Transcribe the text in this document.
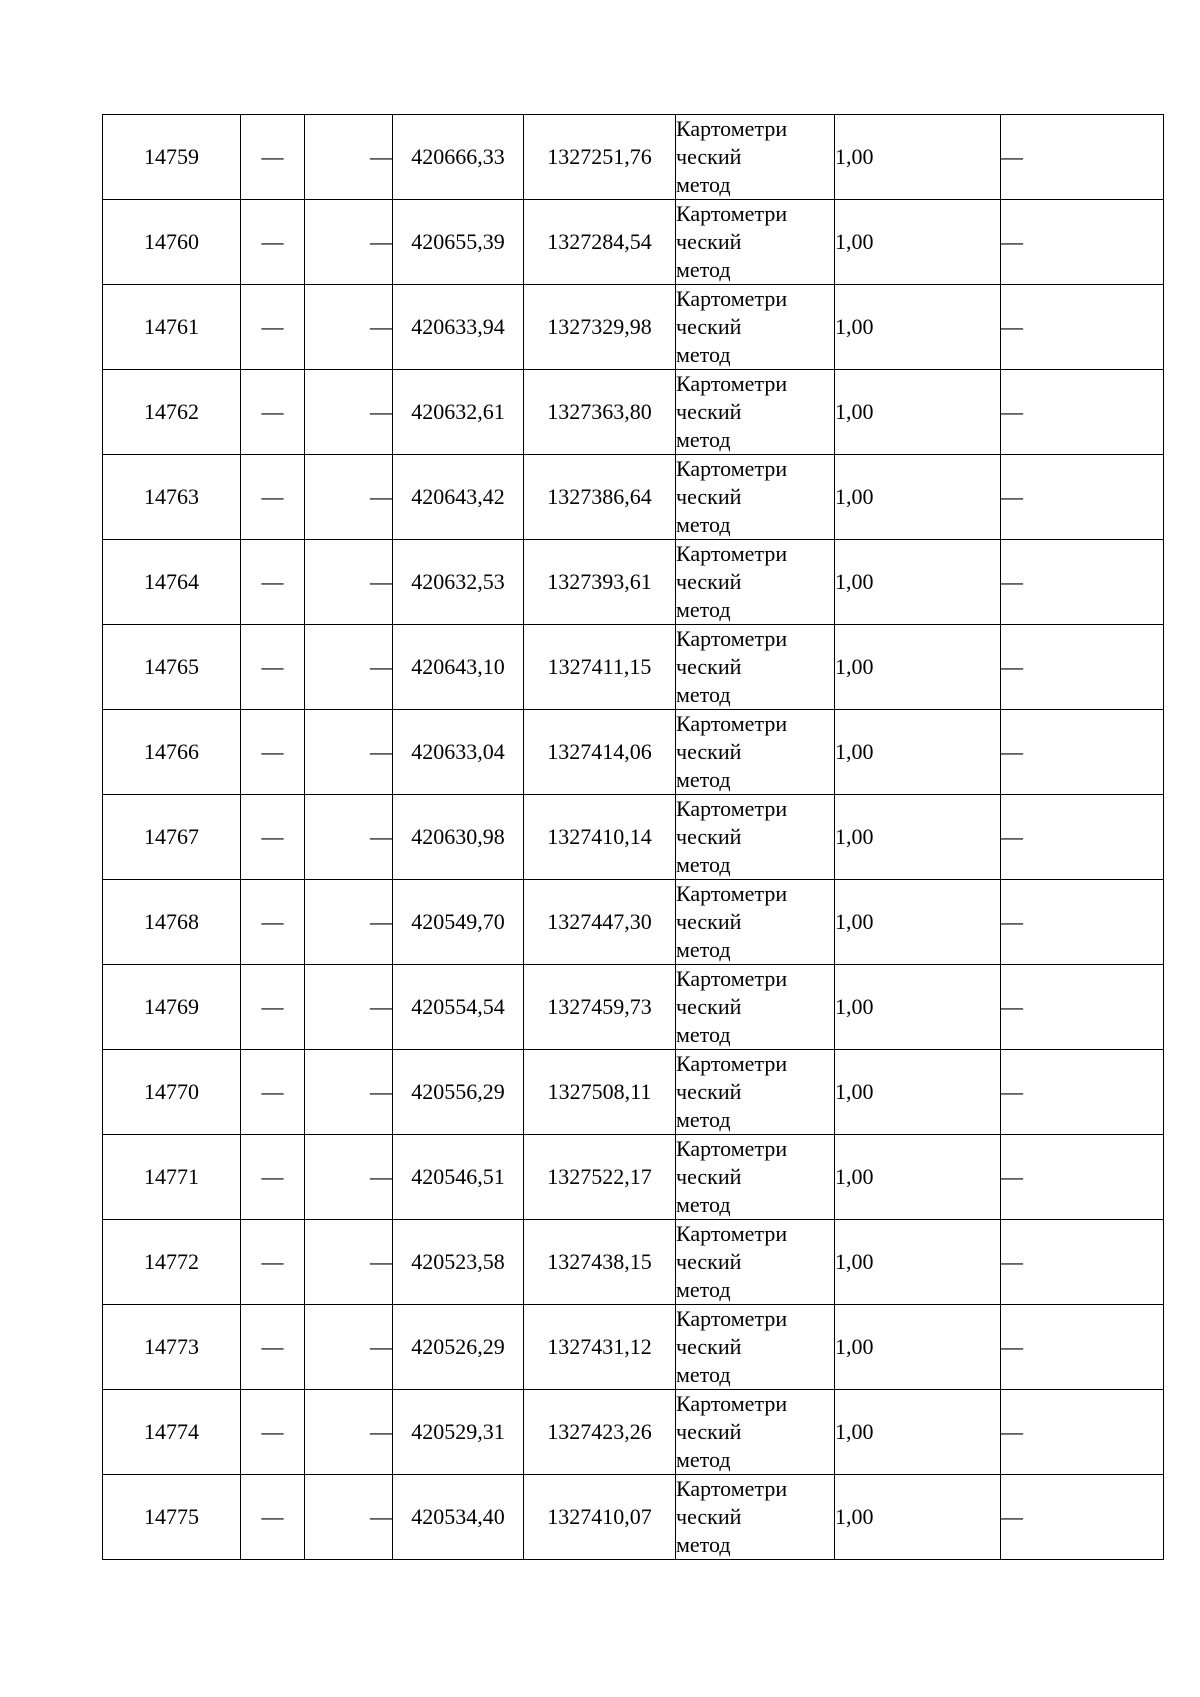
14759	—	—	420666,33	1327251,76	Картометри
ческий
метод	1,00	—
14760	—	—	420655,39	1327284,54	Картометри
ческий
метод	1,00	—
14761	—	—	420633,94	1327329,98	Картометри
ческий
метод	1,00	—
14762	—	—	420632,61	1327363,80	Картометри
ческий
метод	1,00	—
14763	—	—	420643,42	1327386,64	Картометри
ческий
метод	1,00	—
14764	—	—	420632,53	1327393,61	Картометри
ческий
метод	1,00	—
14765	—	—	420643,10	1327411,15	Картометри
ческий
метод	1,00	—
14766	—	—	420633,04	1327414,06	Картометри
ческий
метод	1,00	—
14767	—	—	420630,98	1327410,14	Картометри
ческий
метод	1,00	—
14768	—	—	420549,70	1327447,30	Картометри
ческий
метод	1,00	—
14769	—	—	420554,54	1327459,73	Картометри
ческий
метод	1,00	—
14770	—	—	420556,29	1327508,11	Картометри
ческий
метод	1,00	—
14771	—	—	420546,51	1327522,17	Картометри
ческий
метод	1,00	—
14772	—	—	420523,58	1327438,15	Картометри
ческий
метод	1,00	—
14773	—	—	420526,29	1327431,12	Картометри
ческий
метод	1,00	—
14774	—	—	420529,31	1327423,26	Картометри
ческий
метод	1,00	—
14775	—	—	420534,40	1327410,07	Картометри
ческий
метод	1,00	—
